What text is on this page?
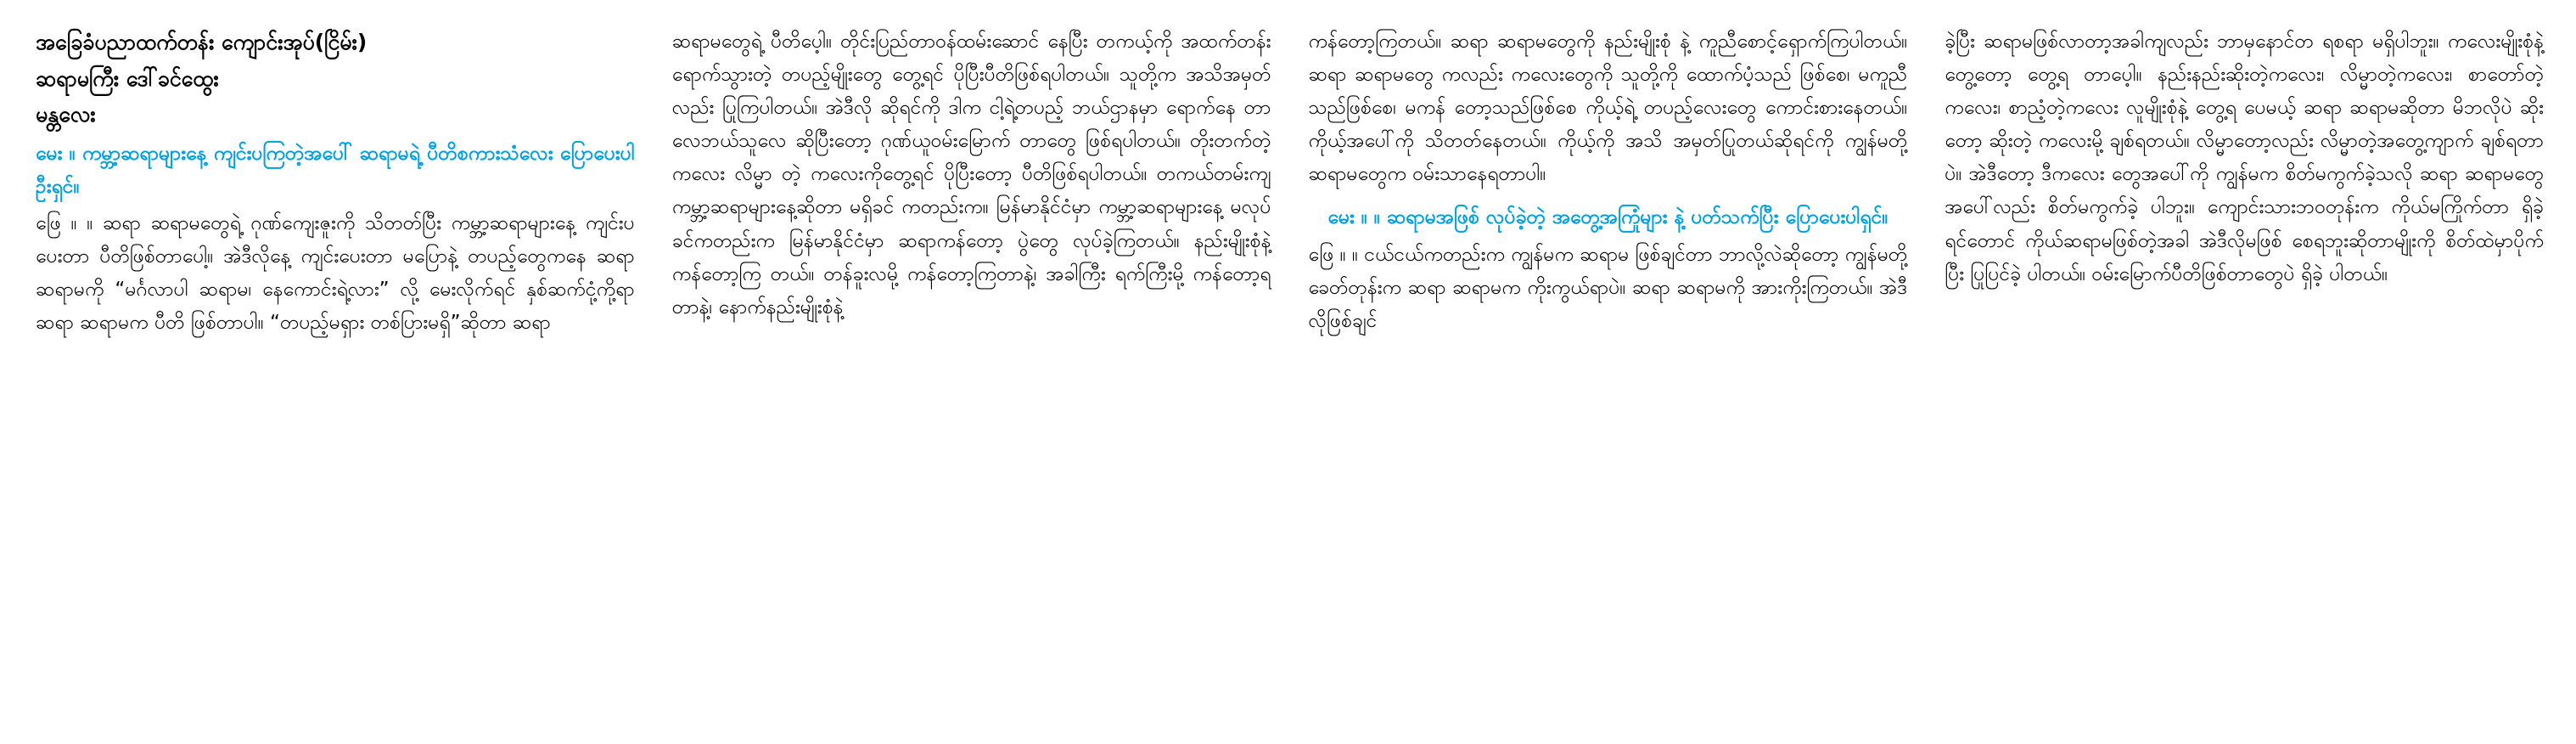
အခြေခံပညာထက်တန်း ကျောင်းအုပ်(ငြိမ်း)
ဆရာမကြီး ဒေါ်ခင်ထွေး
မန္တလေး
မေး ။ ကမ္ဘာ့ဆရာများနေ့ ကျင်းပကြတဲ့အပေါ် ဆရာမရဲ့ ပီတိစကားသံလေး ပြောပေးပါ ဦးရှင်။
ဖြေ ။ ။ ဆရာ ဆရာမတွေရဲ့ ဂုဏ်ကျေးဇူးကို သိတတ်ပြီး ကမ္ဘာ့ဆရာများနေ့ ကျင်းပ ပေးတာ ပီတိဖြစ်တာပေါ့။ အဲဒီလိုနေ့ ကျင်းပေးတာ မပြောနဲ့ တပည့်တွေကနေ ဆရာ ဆရာမကို “မင်္ဂလာပါ ဆရာမ၊ နေကောင်းရဲ့လား” လို့ မေးလိုက်ရင် နှစ်ဆက်ငုံ့ကို့ရာ ဆရာ ဆရာမက ပီတိ ဖြစ်တာပါ။ “တပည့်မရှား တစ်ပြားမရှိ”ဆိုတာ ဆရာ
ဆရာမတွေရဲ့ ပီတိပေ့ါ။ တိုင်းပြည်တာဝန်ထမ်းဆောင် နေပြီး တကယ့်ကို အထက်တန်းရောက်သွားတဲ့ တပည့်မျိုးတွေ တွေ့ရင် ပိုပြီးပီတိဖြစ်ရပါတယ်။ သူတို့က အသိအမှတ်လည်း ပြုကြပါတယ်။ အဲဒီလို ဆိုရင်ကို ဒါက ငါ့ရဲ့တပည့် ဘယ်ဌာနမှာ ရောက်နေ တာလေဘယ်သူလေ ဆိုပြီးတော့ ဂုဏ်ယူဝမ်းမြောက် တာတွေ ဖြစ်ရပါတယ်။ တိုးတက်တဲ့ကလေး လိမ္မာ တဲ့ ကလေးကိုတွေ့ရင် ပိုပြီးတော့ ပီတိဖြစ်ရပါတယ်။ တကယ်တမ်းကျ ကမ္ဘာ့ဆရာများနေ့ဆိုတာ မရှိခင် ကတည်းက။ မြန်မာနိုင်ငံမှာ ကမ္ဘာ့ဆရာများနေ့ မလုပ်ခင်ကတည်းက မြန်မာနိုင်ငံမှာ ဆရာကန်တော့ ပွဲတွေ လုပ်ခဲ့ကြတယ်။ နည်းမျိုးစုံနဲ့ ကန်တော့ကြ တယ်။ တန်ခူးလမို့ ကန်တော့ကြတာနဲ့၊ အခါကြီး ရက်ကြီးမို့ ကန်တော့ရတာနဲ့၊ နောက်နည်းမျိုးစုံနဲ့
ကန်တော့ကြတယ်။ ဆရာ ဆရာမတွေကို နည်းမျိုးစုံ နဲ့ ကူညီစောင့်ရှောက်ကြပါတယ်။ ဆရာ ဆရာမတွေ ကလည်း ကလေးတွေကို သူတို့ကို ထောက်ပံ့သည် ဖြစ်စေ၊ မကူညီသည်ဖြစ်စေ၊ မကန် တော့သည်ဖြစ်စေ ကိုယ့်ရဲ့ တပည့်လေးတွေ ကောင်းစားနေတယ်။ ကိုယ့်အပေါ်ကို သိတတ်နေတယ်။ ကိုယ့်ကို အသိ အမှတ်ပြုတယ်ဆိုရင်ကို ကျွန်မတို့ ဆရာမတွေက ဝမ်းသာနေရတာပါ။
မေး ။ ။ ဆရာမအဖြစ် လုပ်ခဲ့တဲ့ အတွေ့အကြုံများ နဲ့ ပတ်သက်ပြီး ပြောပေးပါရှင်။
ဖြေ ။ ။ ငယ်ငယ်ကတည်းက ကျွန်မက ဆရာမ ဖြစ်ချင်တာ ဘာလို့လဲဆိုတော့ ကျွန်မတို့ ခေတ်တုန်းက ဆရာ ဆရာမက ကိုးကွယ်ရာပဲ။ ဆရာ ဆရာမကို အားကိုးကြတယ်။ အဲဒီလိုဖြစ်ချင်
ခဲ့ပြီး ဆရာမဖြစ်လာတာ့အခါကျလည်း ဘာမှနောင်တ ရစရာ မရှိပါဘူး။ ကလေးမျိုးစုံနဲ့ တွေ့တော့ တွေ့ရ တာပေ့ါ။ နည်းနည်းဆိုးတဲ့ကလေး၊ လိမ္မာတဲ့ကလေး၊ စာတော်တဲ့ကလေး၊ စာညံ့တဲ့ကလေး လူမျိုးစုံနဲ့ တွေ့ရ ပေမယ့် ဆရာ ဆရာမဆိုတာ မိဘလိုပဲ ဆိုးတော့ ဆိုးတဲ့ ကလေးမို့ ချစ်ရတယ်။ လိမ္မာတော့လည်း လိမ္မာတဲ့အတွေ့ကျာက် ချစ်ရတာပဲ။ အဲဒီတော့ ဒီကလေး တွေအပေါ်ကို ကျွန်မက စိတ်မကွက်ခဲ့သလို ဆရာ ဆရာမတွေအပေါ်လည်း စိတ်မကွက်ခဲ့ ပါဘူး။ ကျောင်းသားဘဝတုန်းက ကိုယ်မကြိုက်တာ ရှိခဲ့ရင်တောင် ကိုယ်ဆရာမဖြစ်တဲ့အခါ အဲဒီလိုမဖြစ် စေရဘူးဆိုတာမျိုးကို စိတ်ထဲမှာပိုက်ပြီး ပြုပြင်ခဲ့ ပါတယ်။ ဝမ်းမြောက်ပီတိဖြစ်တာတွေပဲ ရှိခဲ့ ပါတယ်။
